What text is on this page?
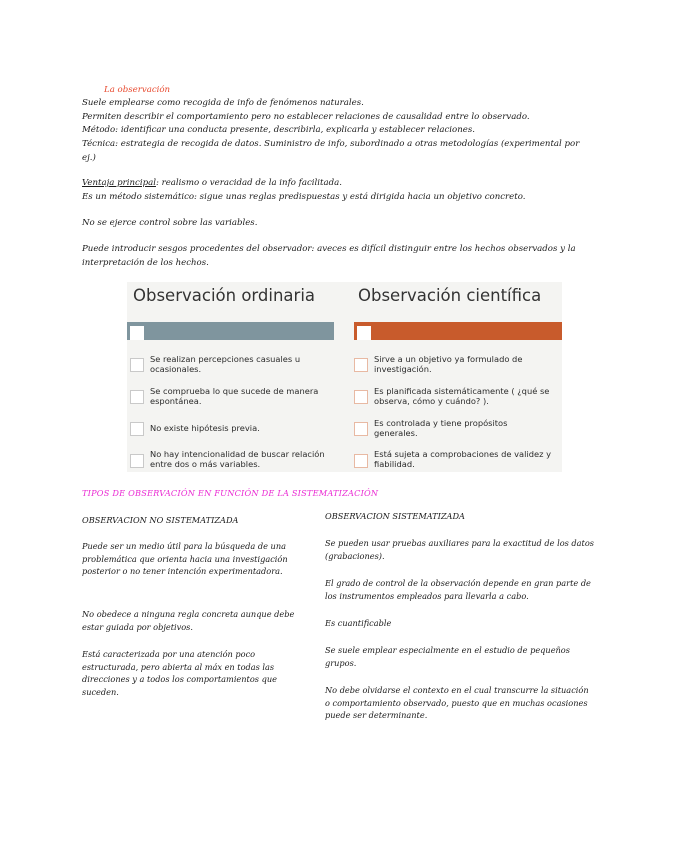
La observación
Suele emplearse como recogida de info de fenómenos naturales.
Permiten describir el comportamiento pero no establecer relaciones de causalidad entre lo observado.
Método: identificar una conducta presente, describirla, explicarla y establecer relaciones.
Técnica: estrategia de recogida de datos. Suministro de info, subordinado a otras metodologías (experimental por ej.)
Ventaja principal: realismo o veracidad de la info facilitada.
Es un método sistemático: sigue unas reglas predispuestas y está dirigida hacia un objetivo concreto.
No se ejerce control sobre las variables.
Puede introducir sesgos procedentes del observador: aveces es difícil distinguir entre los hechos observados y la interpretación de los hechos.
Observación ordinaria	Observación científica
Se realizan percepciones casuales u ocasionales.
Se comprueba lo que sucede de manera espontánea.
No existe hipótesis previa.
No hay intencionalidad de buscar relación entre dos o más variables.
Sirve a un objetivo ya formulado de investigación.
Es planificada sistemáticamente ( ¿qué se observa, cómo y cuándo? ).
Es controlada y tiene propósitos generales.
Está sujeta a comprobaciones de validez y fiabilidad.
TIPOS DE OBSERVACIÓN EN FUNCIÓN DE LA SISTEMATIZACIÓN
OBSERVACION NO SISTEMATIZADA
Puede ser un medio útil para la búsqueda de una problemática que orienta hacia una investigación posterior o no tener intención experimentadora.
No obedece a ninguna regla concreta aunque debe estar guiada por objetivos.
Está caracterizada por una atención poco estructurada, pero abierta al máx en todas las direcciones y a todos los comportamientos que suceden.
OBSERVACION SISTEMATIZADA
Se pueden usar pruebas auxiliares para la exactitud de los datos (grabaciones).
El grado de control de la observación depende en gran parte de los instrumentos empleados para llevarla a cabo.
Es cuantificable
Se suele emplear especialmente en el estudio de pequeños grupos.
No debe olvidarse el contexto en el cual transcurre la situación o comportamiento observado, puesto que en muchas ocasiones puede ser determinante.
